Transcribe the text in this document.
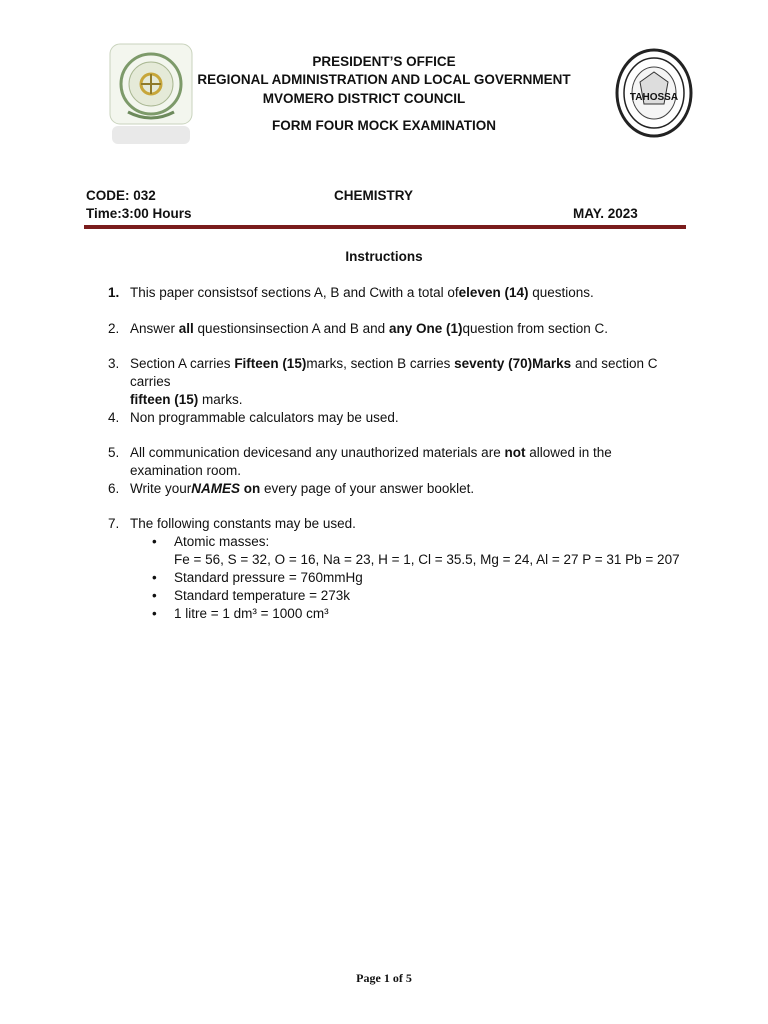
TAHOSSA
PRESIDENT’S OFFICE
REGIONAL ADMINISTRATION AND LOCAL GOVERNMENT
MVOMERO DISTRICT COUNCIL
FORM FOUR MOCK EXAMINATION
CODE: 032
Time:3:00 Hours
CHEMISTRY
MAY. 2023
Instructions
1. This paper consistsof sections A, B and Cwith a total ofeleven (14) questions.
2. Answer all questionsinsection A and B and any One (1)question from section C.
3. Section A carries Fifteen (15)marks, section B carries seventy (70)Marks and section C carries
fifteen (15) marks.
4. Non programmable calculators may be used.
5. All communication devicesand any unauthorized materials are not allowed in the examination room.
6. Write yourNAMES on every page of your answer booklet.
7. The following constants may be used.
• Atomic masses:
Fe = 56, S = 32, O = 16, Na = 23, H = 1, Cl = 35.5, Mg = 24, Al = 27 P = 31 Pb = 207
• Standard pressure = 760mmHg
• Standard temperature = 273k
• 1 litre = 1 dm³ = 1000 cm³
Page 1 of 5
